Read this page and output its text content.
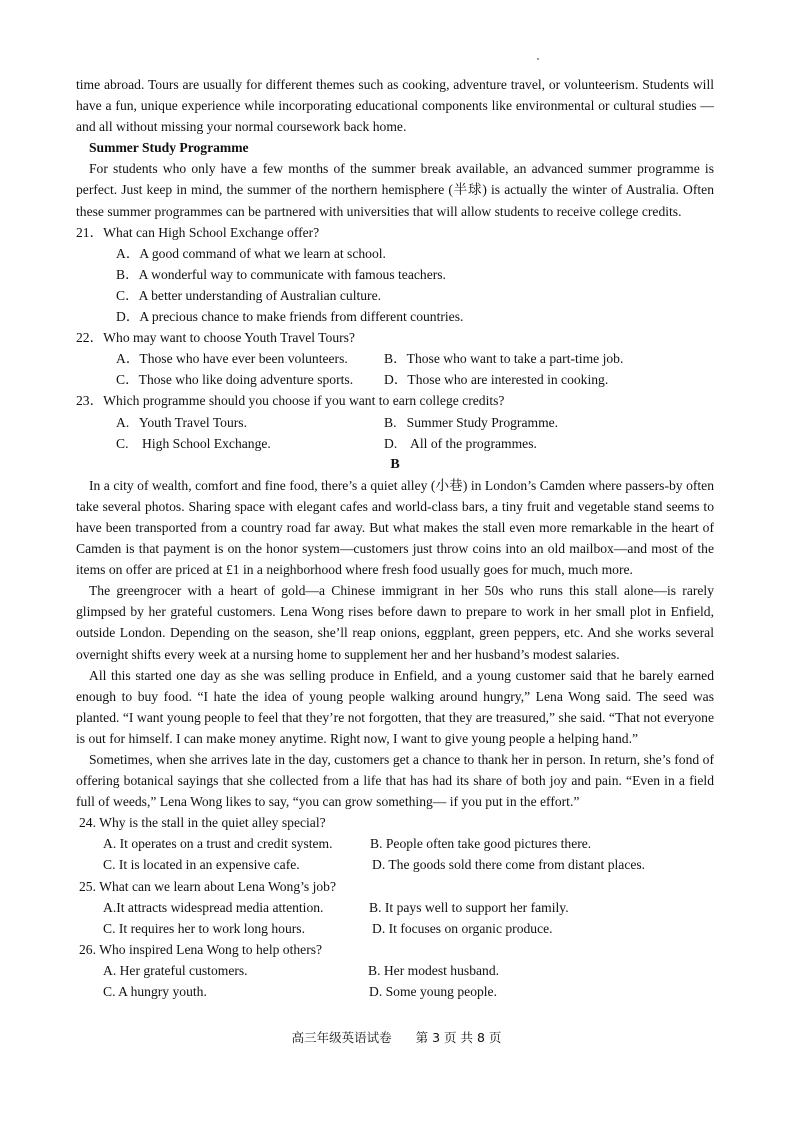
time abroad. Tours are usually for different themes such as cooking, adventure travel, or volunteerism. Students will have a fun, unique experience while incorporating educational components like environmental or cultural studies — and all without missing your normal coursework back home.

Summer Study Programme

For students who only have a few months of the summer break available, an advanced summer programme is perfect. Just keep in mind, the summer of the northern hemisphere (半球) is actually the winter of Australia. Often these summer programmes can be partnered with universities that will allow students to receive college credits.

21．What can High School Exchange offer?

A．A good command of what we learn at school.

B．A wonderful way to communicate with famous teachers.

C．A better understanding of Australian culture.

D．A precious chance to make friends from different countries.

22．Who may want to choose Youth Travel Tours?

A．Those who have ever been volunteers.	B．Those who want to take a part-time job.
C．Those who like doing adventure sports. D．Those who are interested in cooking.

23．Which programme should you choose if you want to earn college credits?

A.   Youth Travel Tours.	B.   Summer Study Programme.
C.    High School Exchange.	D.    All of the programmes.

B

In a city of wealth, comfort and fine food, there’s a quiet alley (小巷) in London’s Camden where passers-by often take several photos. Sharing space with elegant cafes and world-class bars, a tiny fruit and vegetable stand seems to have been transported from a country road far away. But what makes the stall even more remarkable in the heart of Camden is that payment is on the honor system—customers just throw coins into an old mailbox—and most of the items on offer are priced at £1 in a neighborhood where fresh food usually goes for much, much more.

The greengrocer with a heart of gold—a Chinese immigrant in her 50s who runs this stall alone—is rarely glimpsed by her grateful customers. Lena Wong rises before dawn to prepare to work in her small plot in Enfield, outside London. Depending on the season, she’ll reap onions, eggplant, green peppers, etc. And she works several overnight shifts every week at a nursing home to supplement her and her husband’s modest salaries.

All this started one day as she was selling produce in Enfield, and a young customer said that he barely earned enough to buy food. “I hate the idea of young people walking around hungry,” Lena Wong said. The seed was planted. “I want young people to feel that they’re not forgotten, that they are treasured,” she said. “That not everyone is out for himself. I can make money anytime. Right now, I want to give young people a helping hand.”

Sometimes, when she arrives late in the day, customers get a chance to thank her in person. In return, she’s fond of offering botanical sayings that she collected from a life that has had its share of both joy and pain. “Even in a field full of weeds,” Lena Wong likes to say, “you can grow something— if you put in the effort.”

24. Why is the stall in the quiet alley special?

A. It operates on a trust and credit system.	B. People often take good pictures there.
C. It is located in an expensive cafe.	D. The goods sold there come from distant places.

25. What can we learn about Lena Wong’s job?

A.It attracts widespread media attention.	B. It pays well to support her family.
C. It requires her to work long hours.	D. It focuses on organic produce.

26. Who inspired Lena Wong to help others?

A. Her grateful customers.	B. Her modest husband.
C. A hungry youth.	D. Some young people.
高三年级英语试卷 第 3 页 共 8 页
